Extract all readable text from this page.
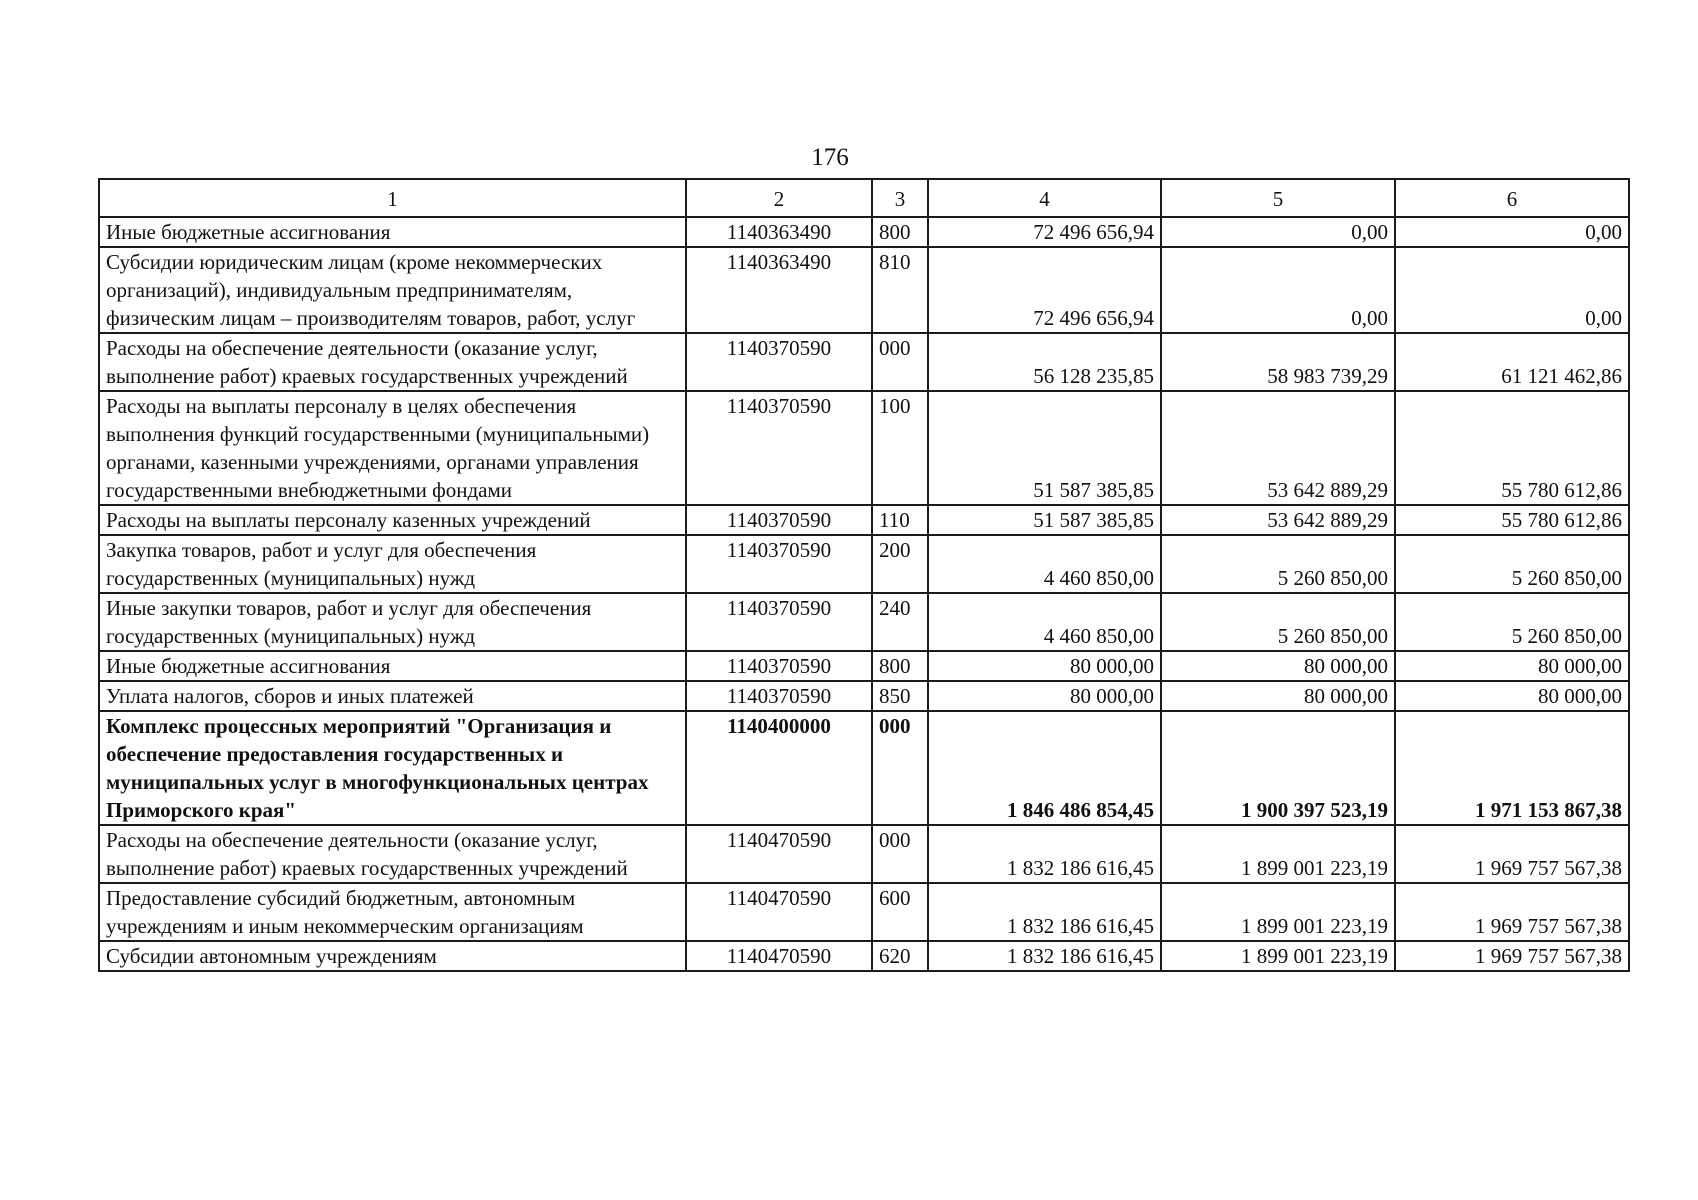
176
1	2	3	4	5	6
Иные бюджетные ассигнования	1140363490	800	72 496 656,94	0,00	0,00
Субсидии юридическим лицам (кроме некоммерческих организаций), индивидуальным предпринимателям, физическим лицам – производителям товаров, работ, услуг	1140363490	810	72 496 656,94	0,00	0,00
Расходы на обеспечение деятельности (оказание услуг, выполнение работ) краевых государственных учреждений	1140370590	000	56 128 235,85	58 983 739,29	61 121 462,86
Расходы на выплаты персоналу в целях обеспечения выполнения функций государственными (муниципальными) органами, казенными учреждениями, органами управления государственными внебюджетными фондами	1140370590	100	51 587 385,85	53 642 889,29	55 780 612,86
Расходы на выплаты персоналу казенных учреждений	1140370590	110	51 587 385,85	53 642 889,29	55 780 612,86
Закупка товаров, работ и услуг для обеспечения государственных (муниципальных) нужд	1140370590	200	4 460 850,00	5 260 850,00	5 260 850,00
Иные закупки товаров, работ и услуг для обеспечения государственных (муниципальных) нужд	1140370590	240	4 460 850,00	5 260 850,00	5 260 850,00
Иные бюджетные ассигнования	1140370590	800	80 000,00	80 000,00	80 000,00
Уплата налогов, сборов и иных платежей	1140370590	850	80 000,00	80 000,00	80 000,00
Комплекс процессных мероприятий "Организация и обеспечение предоставления государственных и муниципальных услуг в многофункциональных центрах Приморского края"	1140400000	000	1 846 486 854,45	1 900 397 523,19	1 971 153 867,38
Расходы на обеспечение деятельности (оказание услуг, выполнение работ) краевых государственных учреждений	1140470590	000	1 832 186 616,45	1 899 001 223,19	1 969 757 567,38
Предоставление субсидий бюджетным, автономным учреждениям и иным некоммерческим организациям	1140470590	600	1 832 186 616,45	1 899 001 223,19	1 969 757 567,38
Субсидии автономным учреждениям	1140470590	620	1 832 186 616,45	1 899 001 223,19	1 969 757 567,38
